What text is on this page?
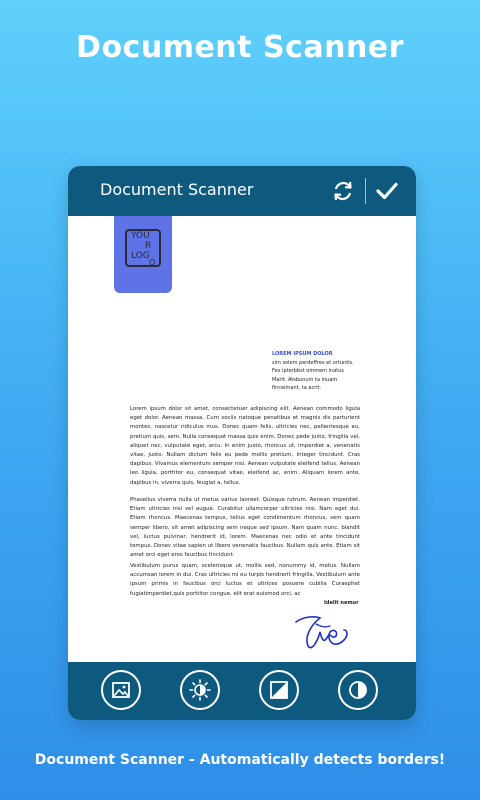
Document Scanner
Document Scanner
YOU
R
LOG
O
LOREM IPSUM DOLOR
sim solem perdeffres et ortuntis.
Fex ipterbbst ommem inatus
Marit. Atsbunum ta inuam
finceimant, ta acrit.
Lorem ipsum dolor sit amet, consectetuer adipiscing elit. Aenean commodo ligula eget dolor. Aenean massa. Cum sociis natoque penatibus et magnis dis parturient montes, nascetur ridiculus mus. Donec quam felis, ultricies nec, pellentesque eu, pretium quis, sem. Nulla consequat massa quis enim. Donec pede justo, fringilla vel, aliquet nec, vulputate eget, arcu. In enim justo, rhoncus ut, imperdiet a, venenatis vitae, justo. Nullam dictum felis eu pede mollis pretium. Integer tincidunt. Cras dapibus. Vivamus elementum semper nisi. Aenean vulputate eleifend tellus. Aenean leo ligula, porttitor eu, consequat vitae, eleifend ac, enim. Aliquam lorem ante, dapibus in, viverra quis, feugiat a, tellus.
Phasellus viverra nulla ut metus varius laoreet. Quisque rutrum. Aenean imperdiet. Etiam ultricies nisi vel augue. Curabitur ullamcorper ultricies nisi. Nam eget dui. Etiam rhoncus. Maecenas tempus, tellus eget condimentum rhoncus, sem quam semper libero, sit amet adipiscing sem neque sed ipsum. Nam quam nunc, blandit vel, luctus pulvinar, hendrerit id, lorem. Maecenas nec odio et ante tincidunt tempus. Donec vitae sapien ut libero venenatis faucibus. Nullam quis ante. Etiam sit amet orci eget eros faucibus tincidunt.
Vestibulum purus quam, scelerisque ut, mollis sed, nonummy id, metus. Nullam accumsan lorem in dui. Cras ultricies mi eu turpis hendrerit fringilla. Vestibulum ante ipsum primis in faucibus orci luctus et ultrices posuere cubilia Curaephet fugiatimperdiet,quis porttitor congue, elit erat euismod orci, ac
Idelit nemur
Document Scanner - Automatically detects borders!
